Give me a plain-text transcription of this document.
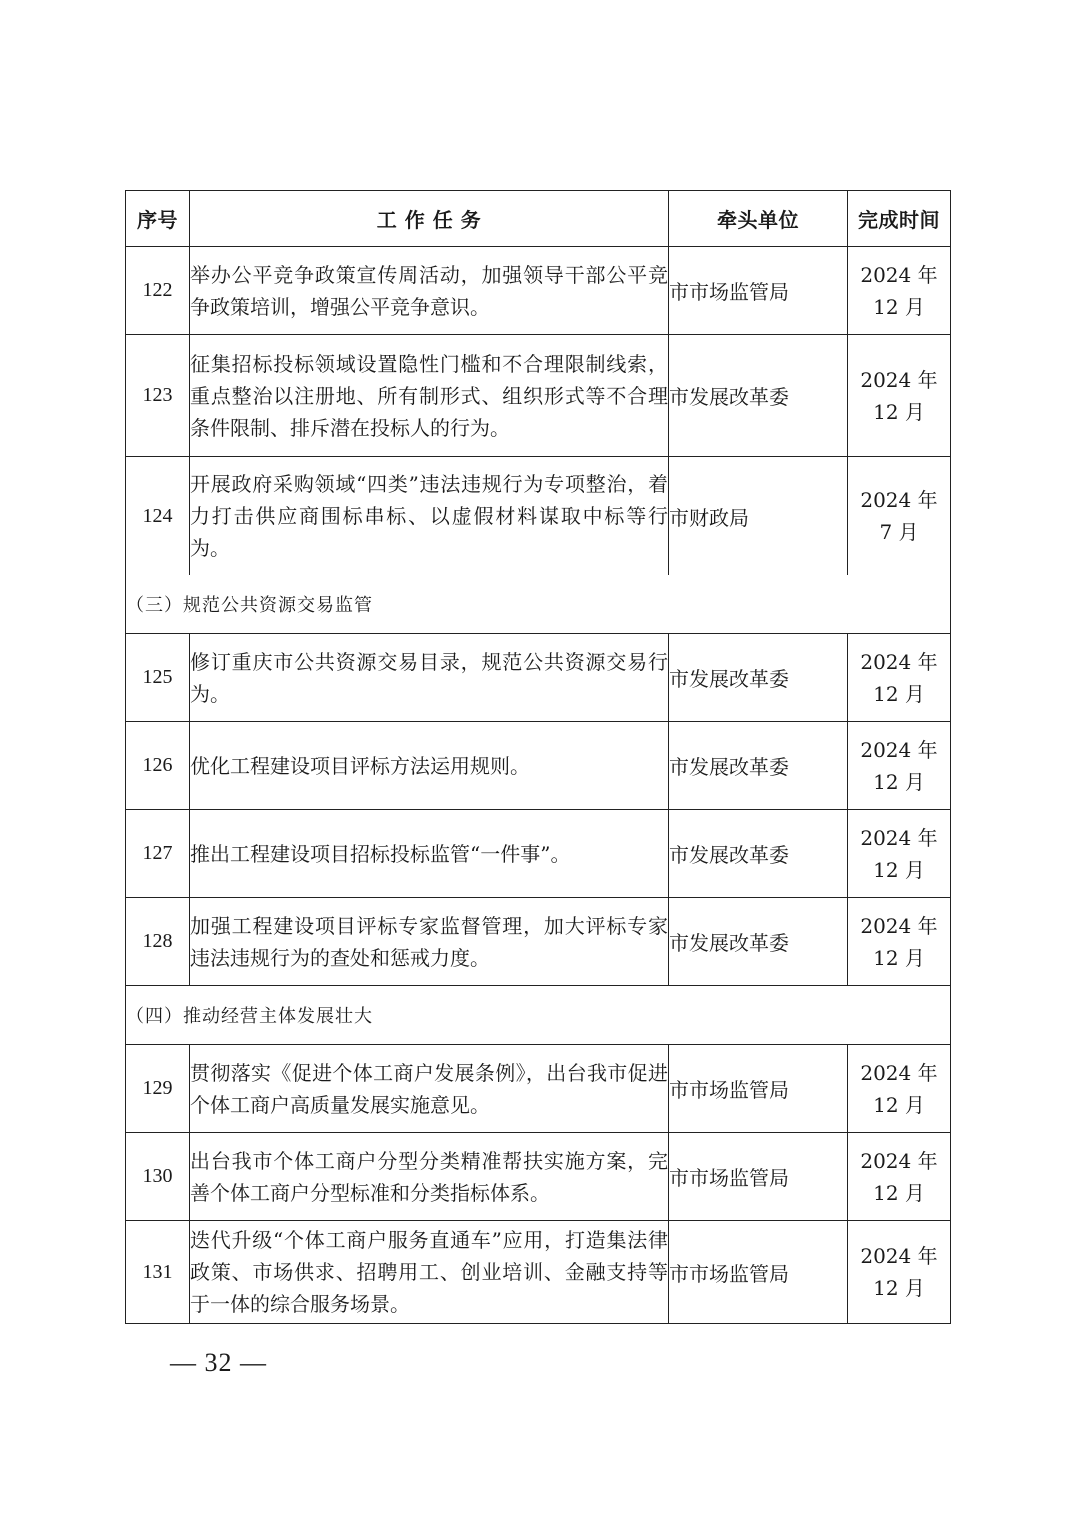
序号	工 作 任 务	牵头单位	完成时间
122	举办公平竞争政策宣传周活动，加强领导干部公平竞争政策培训，增强公平竞争意识。	市市场监管局	2024 年
12 月
123	征集招标投标领域设置隐性门槛和不合理限制线索，重点整治以注册地、所有制形式、组织形式等不合理条件限制、排斥潜在投标人的行为。	市发展改革委	2024 年
12 月
124	开展政府采购领域“四类”违法违规行为专项整治，着力打击供应商围标串标、以虚假材料谋取中标等行为。	市财政局	2024 年
7 月
（三）规范公共资源交易监管			
125	修订重庆市公共资源交易目录，规范公共资源交易行为。	市发展改革委	2024 年
12 月
126	优化工程建设项目评标方法运用规则。	市发展改革委	2024 年
12 月
127	推出工程建设项目招标投标监管“一件事”。	市发展改革委	2024 年
12 月
128	加强工程建设项目评标专家监督管理，加大评标专家违法违规行为的查处和惩戒力度。	市发展改革委	2024 年
12 月
（四）推动经营主体发展壮大			
129	贯彻落实《促进个体工商户发展条例》，出台我市促进个体工商户高质量发展实施意见。	市市场监管局	2024 年
12 月
130	出台我市个体工商户分型分类精准帮扶实施方案，完善个体工商户分型标准和分类指标体系。	市市场监管局	2024 年
12 月
131	迭代升级“个体工商户服务直通车”应用，打造集法律政策、市场供求、招聘用工、创业培训、金融支持等于一体的综合服务场景。	市市场监管局	2024 年
12 月
— 32 —
